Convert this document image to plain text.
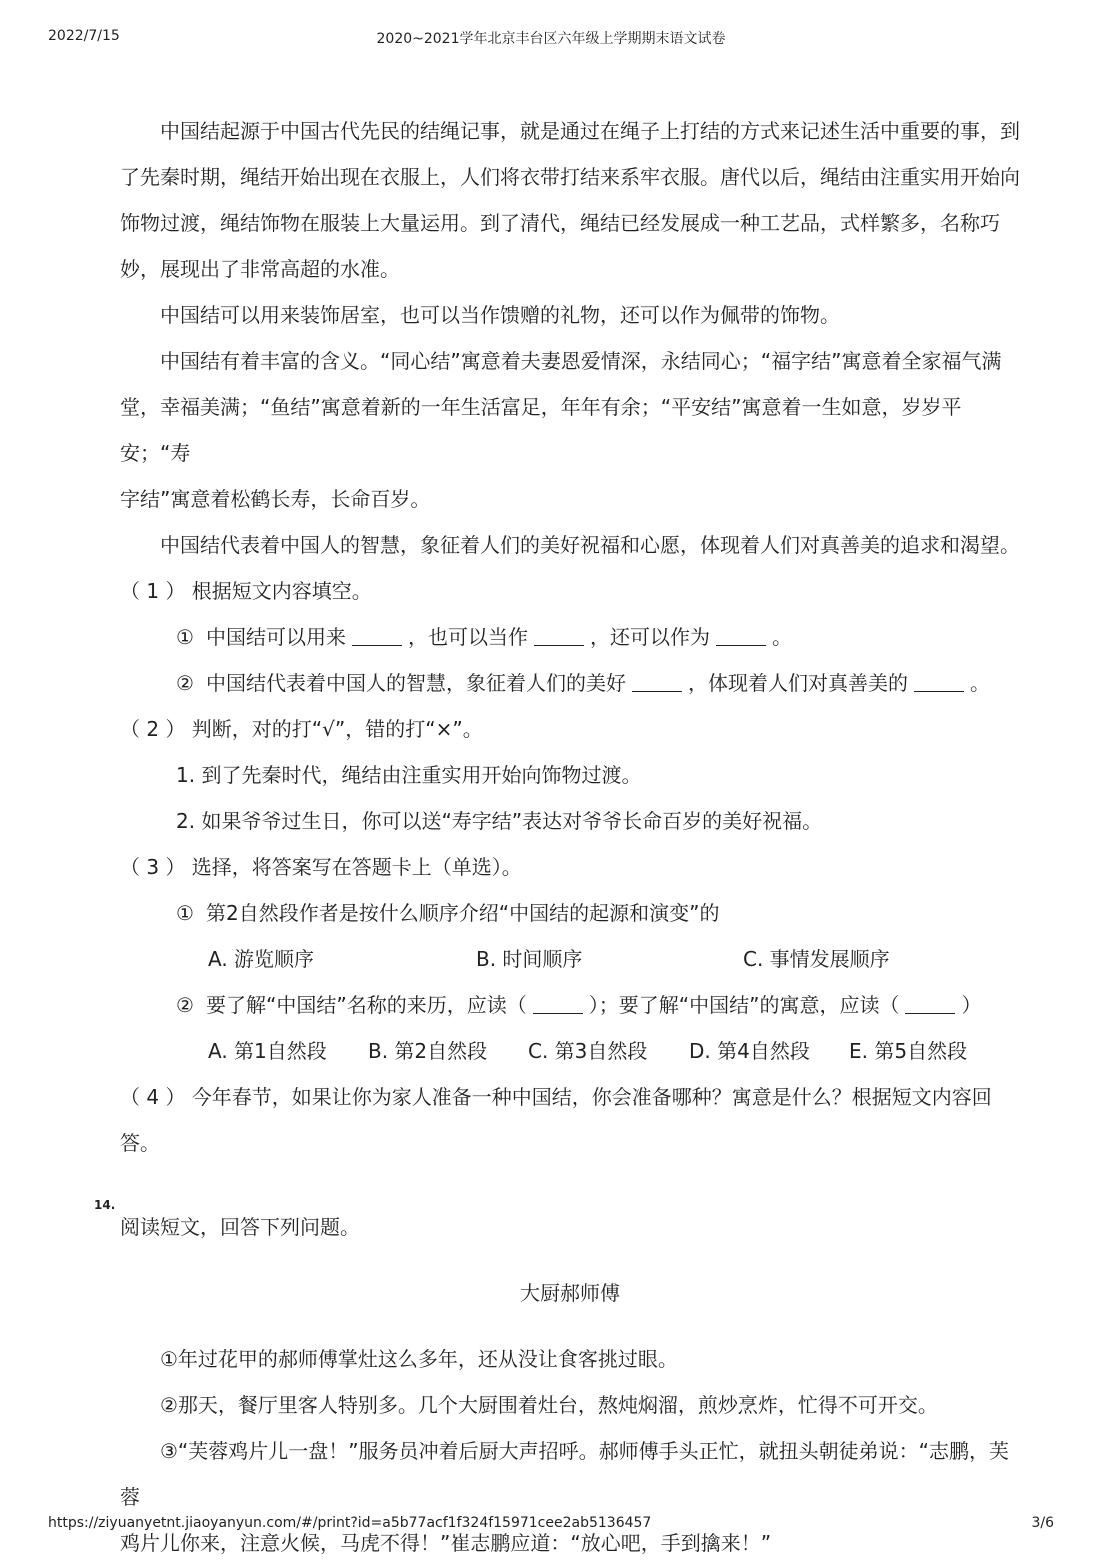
2022/7/15	2020~2021学年北京丰台区六年级上学期期末语文试卷

中国结起源于中国古代先民的结绳记事，就是通过在绳子上打结的方式来记述生活中重要的事，到

了先秦时期，绳结开始出现在衣服上，人们将衣带打结来系牢衣服。唐代以后，绳结由注重实用开始向

饰物过渡，绳结饰物在服装上大量运用。到了清代，绳结已经发展成一种工艺品，式样繁多，名称巧

妙，展现出了非常高超的水准。

中国结可以用来装饰居室，也可以当作馈赠的礼物，还可以作为佩带的饰物。

中国结有着丰富的含义。“同心结”寓意着夫妻恩爱情深，永结同心；“福字结”寓意着全家福气满

堂，幸福美满；“鱼结”寓意着新的一年生活富足，年年有余；“平安结”寓意着一生如意，岁岁平安；“寿

字结”寓意着松鹤长寿，长命百岁。

中国结代表着中国人的智慧，象征着人们的美好祝福和心愿，体现着人们对真善美的追求和渴望。

（ 1 ） 根据短文内容填空。

① 中国结可以用来	，也可以当作	，还可以作为	。
② 中国结代表着中国人的智慧，象征着人们的美好	，体现着人们对真善美的	。

（ 2 ） 判断，对的打“√”，错的打“×”。

1. 到了先秦时代，绳结由注重实用开始向饰物过渡。
2. 如果爷爷过生日，你可以送“寿字结”表达对爷爷长命百岁的美好祝福。

（ 3 ） 选择，将答案写在答题卡上（单选）。

① 第2自然段作者是按什么顺序介绍“中国结的起源和演变”的
A. 游览顺序	B. 时间顺序	C. 事情发展顺序
② 要了解“中国结”名称的来历，应读（	）；要了解“中国结”的寓意，应读（	）
A. 第1自然段 B. 第2自然段 C. 第3自然段 D. 第4自然段 E. 第5自然段

（ 4 ） 今年春节，如果让你为家人准备一种中国结，你会准备哪种？寓意是什么？根据短文内容回答。

14.

阅读短文，回答下列问题。

大厨郝师傅

①年过花甲的郝师傅掌灶这么多年，还从没让食客挑过眼。

②那天，餐厅里客人特别多。几个大厨围着灶台，熬炖焖溜，煎炒烹炸，忙得不可开交。

③“芙蓉鸡片儿一盘！”服务员冲着后厨大声招呼。郝师傅手头正忙，就扭头朝徒弟说：“志鹏，芙蓉

鸡片儿你来，注意火候，马虎不得！”崔志鹏应道：“放心吧，手到擒来！”

https://ziyuanyetnt.jiaoyanyun.com/#/print?id=a5b77acf1f324f15971cee2ab5136457	3/6
